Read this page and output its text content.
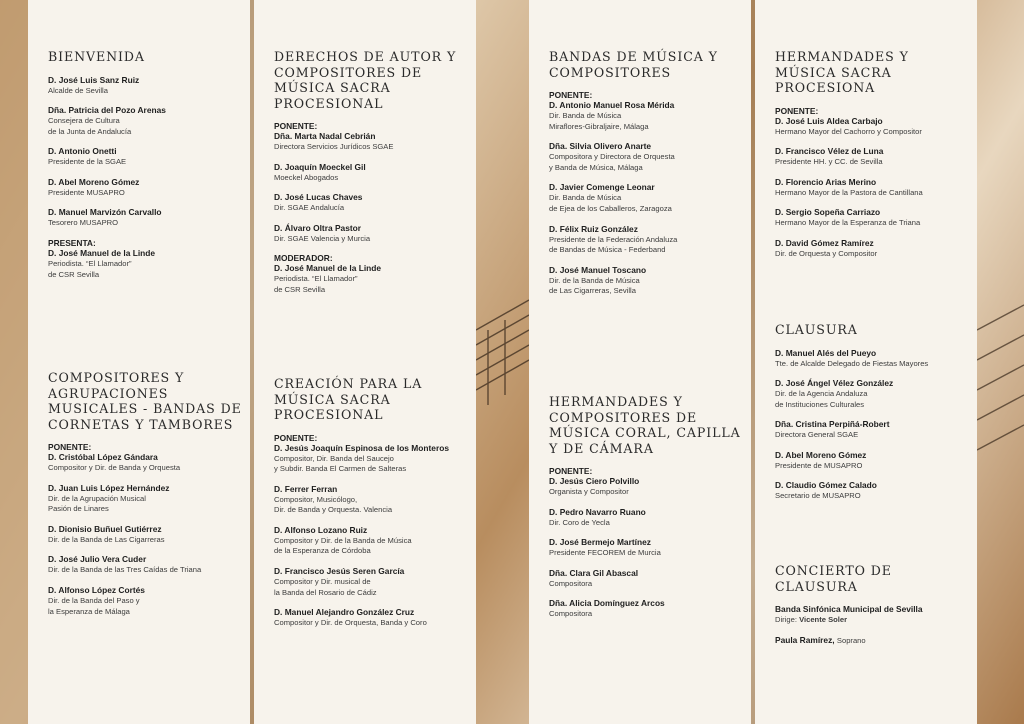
BIENVENIDA
D. José Luis Sanz Ruiz
Alcalde de Sevilla
Dña. Patricia del Pozo Arenas
Consejera de Cultura
de la Junta de Andalucía
D. Antonio Onetti
Presidente de la SGAE
D. Abel Moreno Gómez
Presidente MUSAPRO
D. Manuel Marvizón Carvallo
Tesorero MUSAPRO
PRESENTA:
D. José Manuel de la Linde
Periodista. “El Llamador”
de CSR Sevilla
COMPOSITORES Y AGRUPACIONES MUSICALES - BANDAS DE CORNETAS Y TAMBORES
PONENTE:
D. Cristóbal López Gándara
Compositor y Dir. de Banda y Orquesta
D. Juan Luis López Hernández
Dir. de la Agrupación Musical
Pasión de Linares
D. Dionisio Buñuel Gutiérrez
Dir. de la Banda de Las Cigarreras
D. José Julio Vera Cuder
Dir. de la Banda de las Tres Caídas de Triana
D. Alfonso López Cortés
Dir. de la Banda del Paso y
la Esperanza de Málaga
DERECHOS DE AUTOR Y COMPOSITORES DE MÚSICA SACRA PROCESIONAL
PONENTE:
Dña. Marta Nadal Cebrián
Directora Servicios Jurídicos SGAE
D. Joaquín Moeckel Gil
Moeckel Abogados
D. José Lucas Chaves
Dir. SGAE Andalucía
D. Álvaro Oltra Pastor
Dir. SGAE Valencia y Murcia
MODERADOR:
D. José Manuel de la Linde
Periodista. “El Llamador”
de CSR Sevilla
CREACIÓN PARA LA MÚSICA SACRA PROCESIONAL
PONENTE:
D. Jesús Joaquín Espinosa de los Monteros
Compositor, Dir. Banda del Saucejo
y Subdir. Banda El Carmen de Salteras
D. Ferrer Ferran
Compositor, Musicólogo,
Dir. de Banda y Orquesta. Valencia
D. Alfonso Lozano Ruiz
Compositor y Dir. de la Banda de Música
de la Esperanza de Córdoba
D. Francisco Jesús Seren García
Compositor y Dir. musical de
la Banda del Rosario de Cádiz
D. Manuel Alejandro González Cruz
Compositor y Dir. de Orquesta, Banda y Coro
BANDAS DE MÚSICA Y COMPOSITORES
PONENTE:
D. Antonio Manuel Rosa Mérida
Dir. Banda de Música
Miraflores-Gibraljaire, Málaga
Dña. Silvia Olivero Anarte
Compositora y Directora de Orquesta
y Banda de Música, Málaga
D. Javier Comenge Leonar
Dir. Banda de Música
de Ejea de los Caballeros, Zaragoza
D. Félix Ruiz González
Presidente de la Federación Andaluza
de Bandas de Música - Federband
D. José Manuel Toscano
Dir. de la Banda de Música
de Las Cigarreras, Sevilla
HERMANDADES Y COMPOSITORES DE MÚSICA CORAL, CAPILLA Y DE CÁMARA
PONENTE:
D. Jesús Ciero Polvillo
Organista y Compositor
D. Pedro Navarro Ruano
Dir. Coro de Yecla
D. José Bermejo Martínez
Presidente FECOREM de Murcia
Dña. Clara Gil Abascal
Compositora
Dña. Alicia Domínguez Arcos
Compositora
HERMANDADES Y MÚSICA SACRA PROCESIONA
PONENTE:
D. José Luis Aldea Carbajo
Hermano Mayor del Cachorro y Compositor
D. Francisco Vélez de Luna
Presidente HH. y CC. de Sevilla
D. Florencio Arias Merino
Hermano Mayor de la Pastora de Cantillana
D. Sergio Sopeña Carriazo
Hermano Mayor de la Esperanza de Triana
D. David Gómez Ramírez
Dir. de Orquesta y Compositor
CLAUSURA
D. Manuel Alés del Pueyo
Tte. de Alcalde Delegado de Fiestas Mayores
D. José Ángel Vélez González
Dir. de la Agencia Andaluza
de Instituciones Culturales
Dña. Cristina Perpiñá-Robert
Directora General SGAE
D. Abel Moreno Gómez
Presidente de MUSAPRO
D. Claudio Gómez Calado
Secretario de MUSAPRO
CONCIERTO DE CLAUSURA
Banda Sinfónica Municipal de Sevilla
Dirige: Vicente Soler
Paula Ramírez, Soprano
